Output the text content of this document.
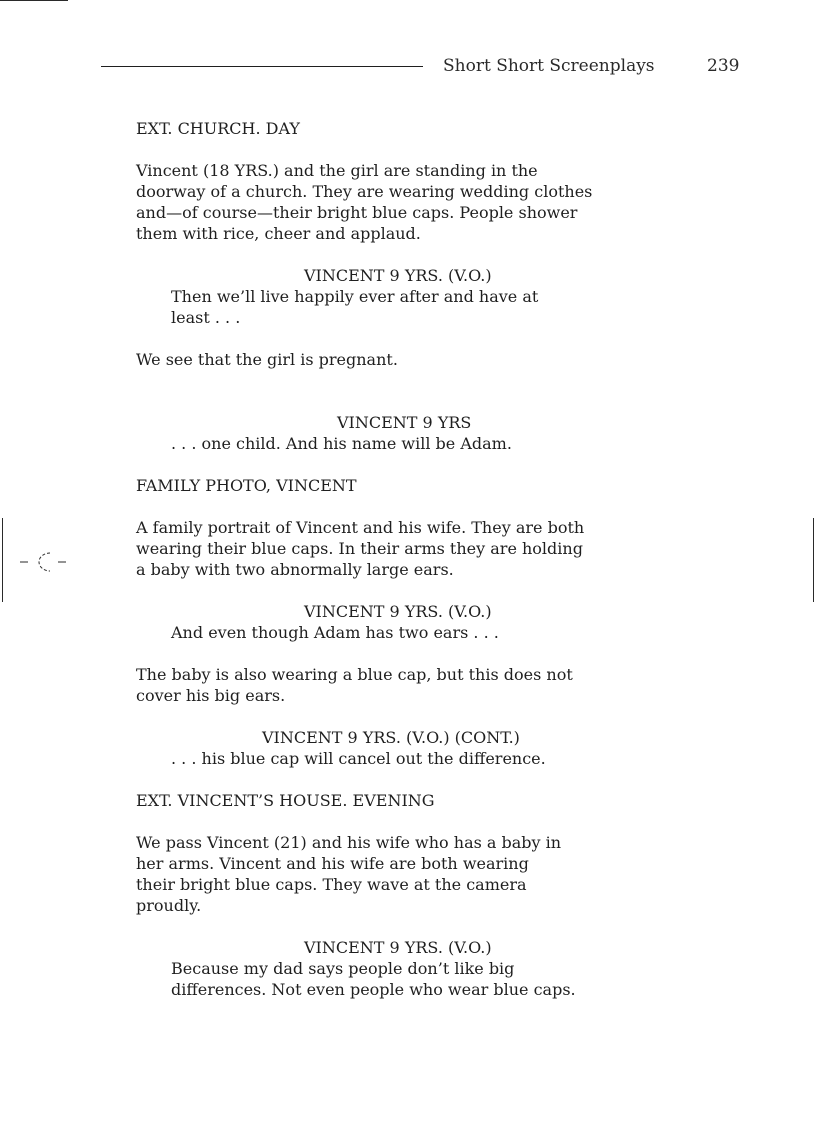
Short Short Screenplays	239

EXT. CHURCH. DAY

Vincent (18 YRS.) and the girl are standing in the
doorway of a church. They are wearing wedding clothes
and—of course—their bright blue caps. People shower
them with rice, cheer and applaud.

VINCENT 9 YRS. (V.O.)

Then we’ll live happily ever after and have at
least . . .

We see that the girl is pregnant.

VINCENT 9 YRS

. . . one child. And his name will be Adam.

FAMILY PHOTO, VINCENT

A family portrait of Vincent and his wife. They are both
wearing their blue caps. In their arms they are holding
a baby with two abnormally large ears.

VINCENT 9 YRS. (V.O.)

And even though Adam has two ears . . .

The baby is also wearing a blue cap, but this does not
cover his big ears.

VINCENT 9 YRS. (V.O.) (CONT.)

. . . his blue cap will cancel out the difference.

EXT. VINCENT’S HOUSE. EVENING

We pass Vincent (21) and his wife who has a baby in
her arms. Vincent and his wife are both wearing
their bright blue caps. They wave at the camera
proudly.

VINCENT 9 YRS. (V.O.)

Because my dad says people don’t like big
differences. Not even people who wear blue caps.
